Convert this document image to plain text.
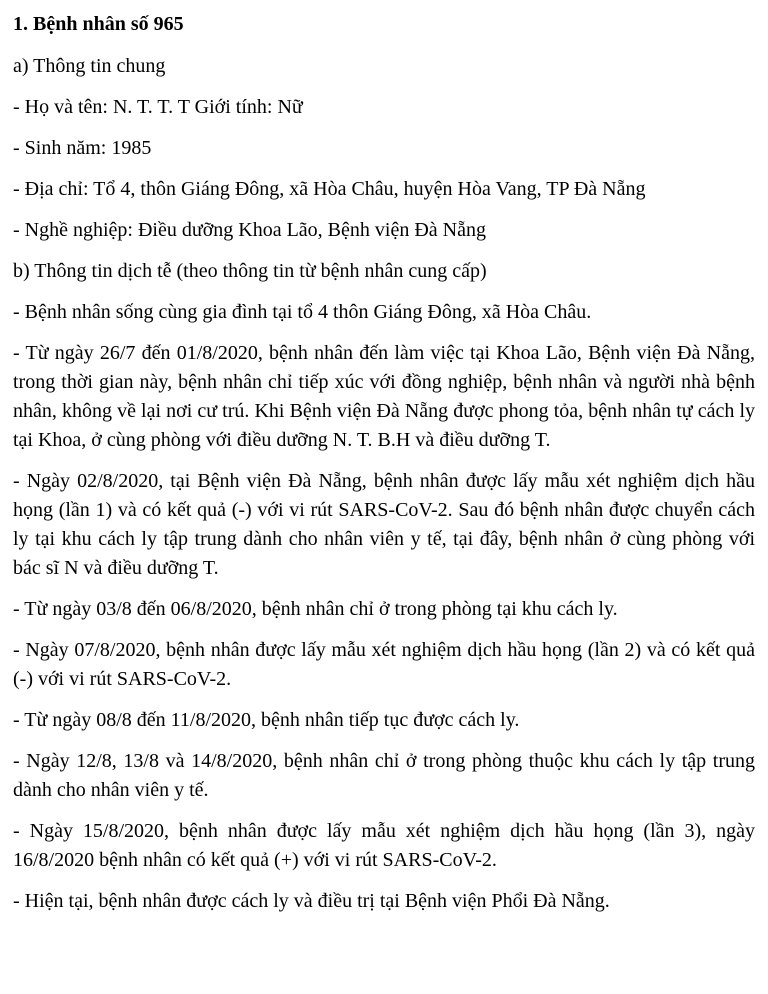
1. Bệnh nhân số 965

a) Thông tin chung

- Họ và tên: N. T. T. T Giới tính: Nữ

- Sinh năm: 1985

- Địa chỉ: Tổ 4, thôn Giáng Đông, xã Hòa Châu, huyện Hòa Vang, TP Đà Nẵng

- Nghề nghiệp: Điều dưỡng Khoa Lão, Bệnh viện Đà Nẵng

b) Thông tin dịch tễ (theo thông tin từ bệnh nhân cung cấp)

- Bệnh nhân sống cùng gia đình tại tổ 4 thôn Giáng Đông, xã Hòa Châu.

- Từ ngày 26/7 đến 01/8/2020, bệnh nhân đến làm việc tại Khoa Lão, Bệnh viện Đà Nẵng, trong thời gian này, bệnh nhân chỉ tiếp xúc với đồng nghiệp, bệnh nhân và người nhà bệnh nhân, không về lại nơi cư trú. Khi Bệnh viện Đà Nẵng được phong tỏa, bệnh nhân tự cách ly tại Khoa, ở cùng phòng với điều dưỡng N. T. B.H và điều dưỡng T.

- Ngày 02/8/2020, tại Bệnh viện Đà Nẵng, bệnh nhân được lấy mẫu xét nghiệm dịch hầu họng (lần 1) và có kết quả (-) với vi rút SARS-CoV-2. Sau đó bệnh nhân được chuyển cách ly tại khu cách ly tập trung dành cho nhân viên y tế, tại đây, bệnh nhân ở cùng phòng với bác sĩ N và điều dưỡng T.

- Từ ngày 03/8 đến 06/8/2020, bệnh nhân chỉ ở trong phòng tại khu cách ly.

- Ngày 07/8/2020, bệnh nhân được lấy mẫu xét nghiệm dịch hầu họng (lần 2) và có kết quả (-) với vi rút SARS-CoV-2.

- Từ ngày 08/8 đến 11/8/2020, bệnh nhân tiếp tục được cách ly.

- Ngày 12/8, 13/8 và 14/8/2020, bệnh nhân chỉ ở trong phòng thuộc khu cách ly tập trung dành cho nhân viên y tế.

- Ngày 15/8/2020, bệnh nhân được lấy mẫu xét nghiệm dịch hầu họng (lần 3), ngày 16/8/2020 bệnh nhân có kết quả (+) với vi rút SARS-CoV-2.

- Hiện tại, bệnh nhân được cách ly và điều trị tại Bệnh viện Phổi Đà Nẵng.
